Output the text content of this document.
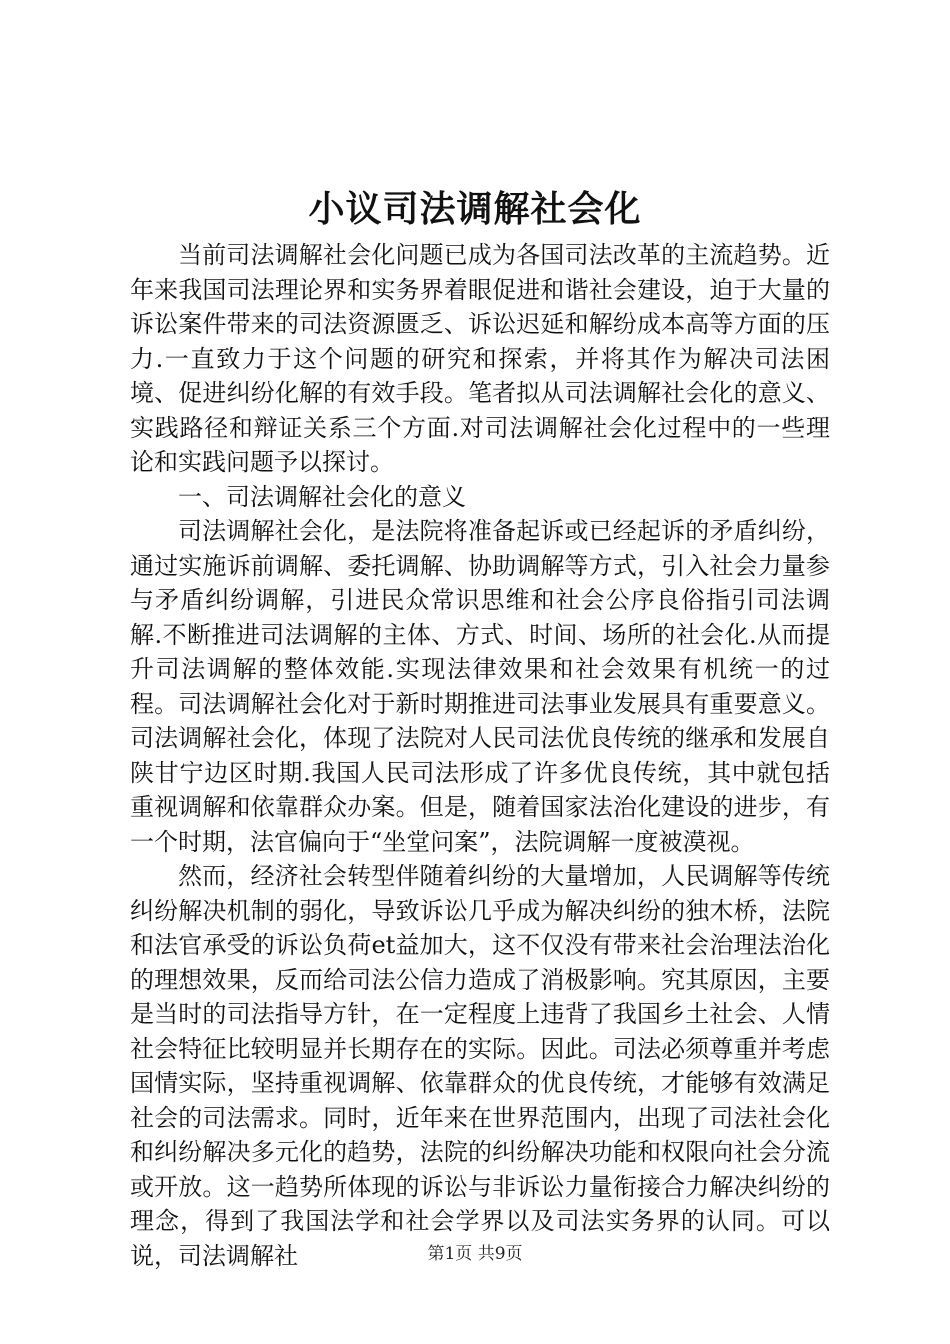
小议司法调解社会化

当前司法调解社会化问题已成为各国司法改革的主流趋势。近年来我国司法理论界和实务界着眼促进和谐社会建设，迫于大量的诉讼案件带来的司法资源匮乏、诉讼迟延和解纷成本高等方面的压力.一直致力于这个问题的研究和探索，并将其作为解决司法困境、促进纠纷化解的有效手段。笔者拟从司法调解社会化的意义、实践路径和辩证关系三个方面.对司法调解社会化过程中的一些理论和实践问题予以探讨。

一、司法调解社会化的意义

司法调解社会化，是法院将准备起诉或已经起诉的矛盾纠纷，通过实施诉前调解、委托调解、协助调解等方式，引入社会力量参与矛盾纠纷调解，引进民众常识思维和社会公序良俗指引司法调解.不断推进司法调解的主体、方式、时间、场所的社会化.从而提升司法调解的整体效能.实现法律效果和社会效果有机统一的过程。司法调解社会化对于新时期推进司法事业发展具有重要意义。司法调解社会化，体现了法院对人民司法优良传统的继承和发展自陕甘宁边区时期.我国人民司法形成了许多优良传统，其中就包括重视调解和依靠群众办案。但是，随着国家法治化建设的进步，有一个时期，法官偏向于“坐堂问案”，法院调解一度被漠视。

然而，经济社会转型伴随着纠纷的大量增加，人民调解等传统纠纷解决机制的弱化，导致诉讼几乎成为解决纠纷的独木桥，法院和法官承受的诉讼负荷et益加大，这不仅没有带来社会治理法治化的理想效果，反而给司法公信力造成了消极影响。究其原因，主要是当时的司法指导方针，在一定程度上违背了我国乡土社会、人情社会特征比较明显并长期存在的实际。因此。司法必须尊重并考虑国情实际，坚持重视调解、依靠群众的优良传统，才能够有效满足社会的司法需求。同时，近年来在世界范围内，出现了司法社会化和纠纷解决多元化的趋势，法院的纠纷解决功能和权限向社会分流或开放。这一趋势所体现的诉讼与非诉讼力量衔接合力解决纠纷的理念，得到了我国法学和社会学界以及司法实务界的认同。可以说，司法调解社	第1页 共9页
